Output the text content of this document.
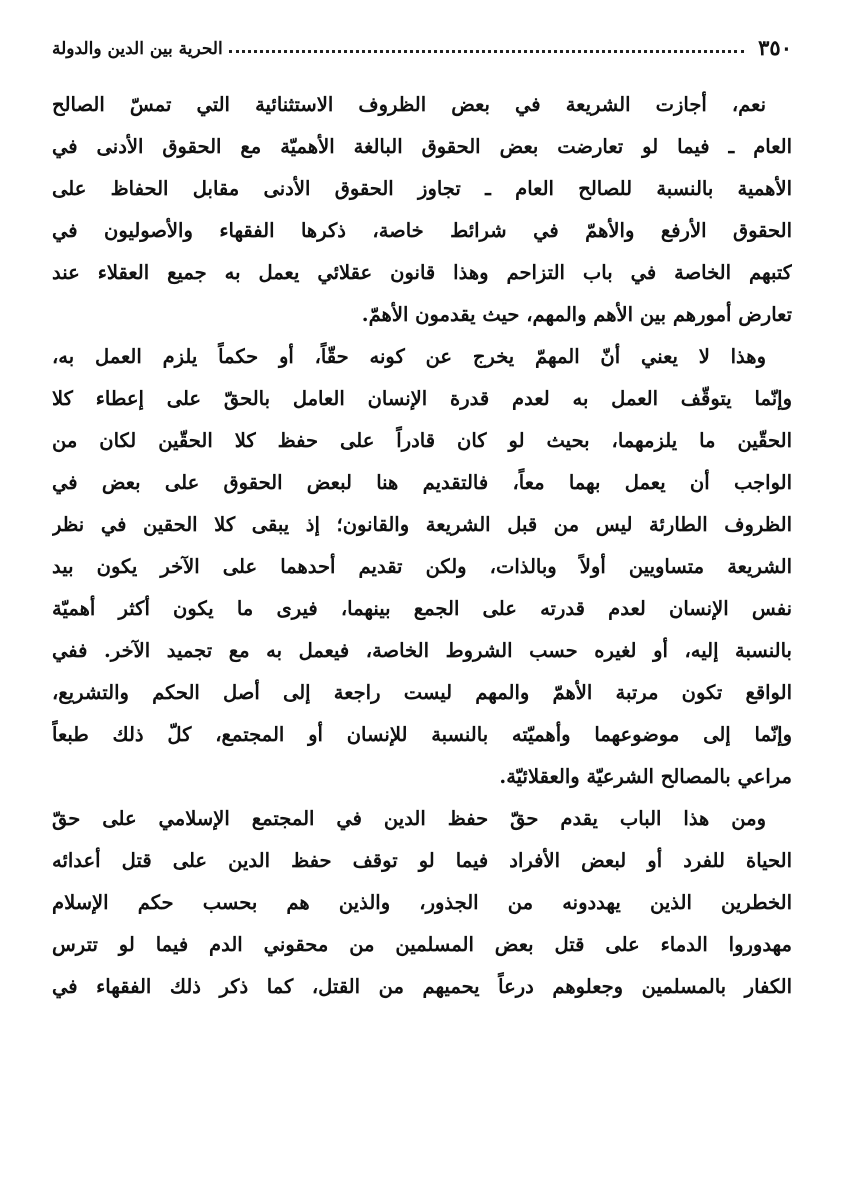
٣٥٠
الحرية بين الدين والدولة
نعم، أجازت الشريعة في بعض الظروف الاستثنائية التي تمسّ الصالح
العام ـ فيما لو تعارضت بعض الحقوق البالغة الأهميّة مع الحقوق الأدنى في
الأهمية بالنسبة للصالح العام ـ تجاوز الحقوق الأدنى مقابل الحفاظ على
الحقوق الأرفع والأهمّ في شرائط خاصة، ذكرها الفقهاء والأصوليون في
كتبهم الخاصة في باب التزاحم وهذا قانون عقلائي يعمل به جميع العقلاء عند
تعارض أمورهم بين الأهم والمهم، حيث يقدمون الأهمّ.
وهذا لا يعني أنّ المهمّ يخرج عن كونه حقّاً، أو حكماً يلزم العمل به،
وإنّما يتوقّف العمل به لعدم قدرة الإنسان العامل بالحقّ على إعطاء كلا
الحقّين ما يلزمهما، بحيث لو كان قادراً على حفظ كلا الحقّين لكان من
الواجب أن يعمل بهما معاً، فالتقديم هنا لبعض الحقوق على بعض في
الظروف الطارئة ليس من قبل الشريعة والقانون؛ إذ يبقى كلا الحقين في نظر
الشريعة متساويين أولاً وبالذات، ولكن تقديم أحدهما على الآخر يكون بيد
نفس الإنسان لعدم قدرته على الجمع بينهما، فيرى ما يكون أكثر أهميّة
بالنسبة إليه، أو لغيره حسب الشروط الخاصة، فيعمل به مع تجميد الآخر. ففي
الواقع تكون مرتبة الأهمّ والمهم ليست راجعة إلى أصل الحكم والتشريع،
وإنّما إلى موضوعهما وأهميّته بالنسبة للإنسان أو المجتمع، كلّ ذلك طبعاً
مراعي بالمصالح الشرعيّة والعقلائيّة.
ومن هذا الباب يقدم حقّ حفظ الدين في المجتمع الإسلامي على حقّ
الحياة للفرد أو لبعض الأفراد فيما لو توقف حفظ الدين على قتل أعدائه
الخطرين الذين يهددونه من الجذور، والذين هم بحسب حكم الإسلام
مهدوروا الدماء على قتل بعض المسلمين من محقوني الدم فيما لو تترس
الكفار بالمسلمين وجعلوهم درعاً يحميهم من القتل، كما ذكر ذلك الفقهاء في
